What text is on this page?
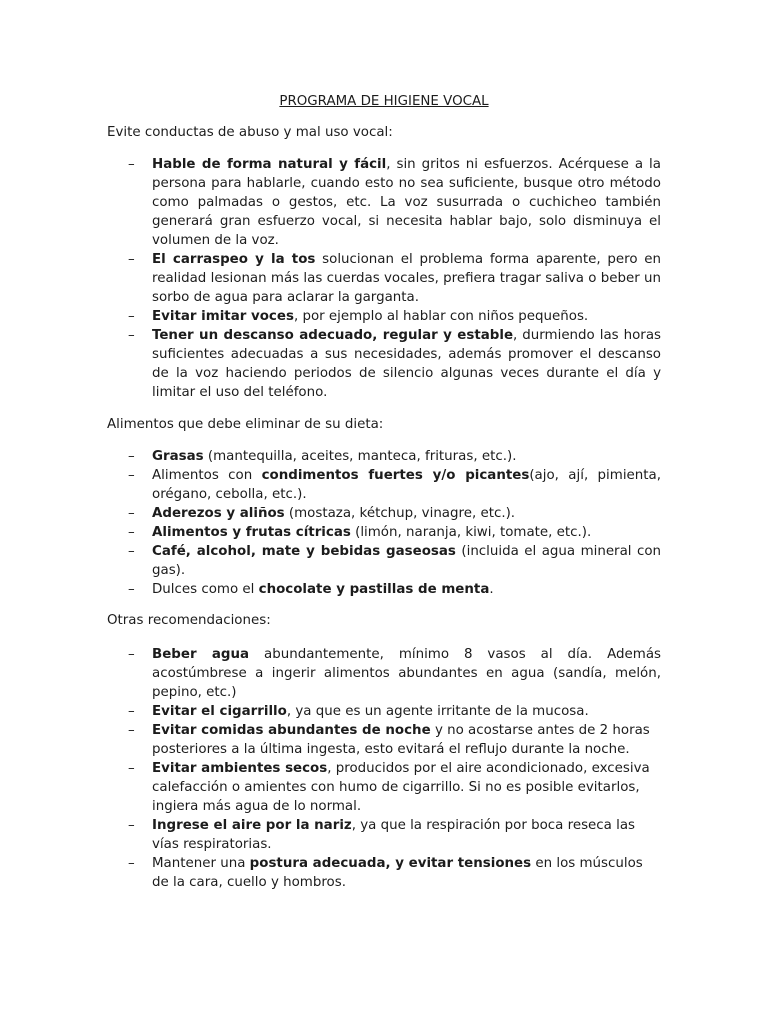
PROGRAMA DE HIGIENE VOCAL
Evite conductas de abuso y mal uso vocal:
–	Hable de forma natural y fácil, sin gritos ni esfuerzos. Acérquese a la persona para hablarle, cuando esto no sea suficiente, busque otro método como palmadas o gestos, etc. La voz susurrada o cuchicheo también generará gran esfuerzo vocal, si necesita hablar bajo, solo disminuya el volumen de la voz.
–	El carraspeo y la tos solucionan el problema forma aparente, pero en realidad lesionan más las cuerdas vocales, prefiera tragar saliva o beber un sorbo de agua para aclarar la garganta.
–	Evitar imitar voces, por ejemplo al hablar con niños pequeños.
–	Tener un descanso adecuado, regular y estable, durmiendo las horas suficientes adecuadas a sus necesidades, además promover el descanso de la voz haciendo periodos de silencio algunas veces durante el día y limitar el uso del teléfono.
Alimentos que debe eliminar de su dieta:
–	Grasas (mantequilla, aceites, manteca, frituras, etc.).
–	Alimentos con condimentos fuertes y/o picantes(ajo, ají, pimienta, orégano, cebolla, etc.).
–	Aderezos y aliños (mostaza, kétchup, vinagre, etc.).
–	Alimentos y frutas cítricas (limón, naranja, kiwi, tomate, etc.).
–	Café, alcohol, mate y bebidas gaseosas (incluida el agua mineral con gas).
–	Dulces como el chocolate y pastillas de menta.
Otras recomendaciones:
–	Beber agua abundantemente, mínimo 8 vasos al día. Además acostúmbrese a ingerir alimentos abundantes en agua (sandía, melón, pepino, etc.)
–	Evitar el cigarrillo, ya que es un agente irritante de la mucosa.
–	Evitar comidas abundantes de noche y no acostarse antes de 2 horas posteriores a la última ingesta, esto evitará el reflujo durante la noche.
–	Evitar ambientes secos, producidos por el aire acondicionado, excesiva calefacción o amientes con humo de cigarrillo. Si no es posible evitarlos, ingiera más agua de lo normal.
–	Ingrese el aire por la nariz, ya que la respiración por boca reseca las vías respiratorias.
–	Mantener una postura adecuada, y evitar tensiones en los músculos de la cara, cuello y hombros.
